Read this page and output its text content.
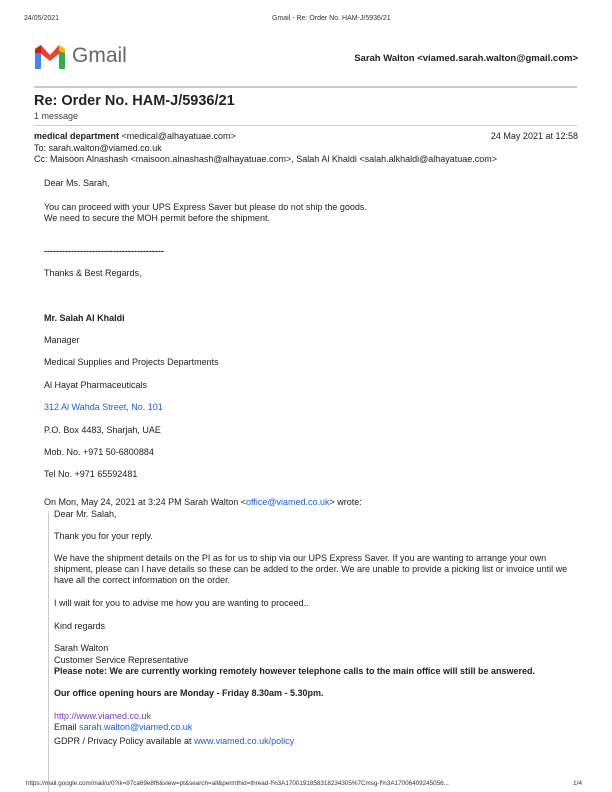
24/05/2021	Gmail - Re: Order No. HAM-J/5936/21
Gmail	Sarah Walton <viamed.sarah.walton@gmail.com>
Re: Order No. HAM-J/5936/21
1 message
medical department <medical@alhayatuae.com>	24 May 2021 at 12:58
To: sarah.walton@viamed.co.uk
Cc: Maisoon Alnashash <maisoon.alnashash@alhayatuae.com>, Salah Al Khaldi <salah.alkhaldi@alhayatuae.com>
Dear Ms. Sarah,
You can proceed with your UPS Express Saver but please do not ship the goods.
We need to secure the MOH permit before the shipment.
----------------------------------------
Thanks & Best Regards,
Mr. Salah Al Khaldi
Manager
Medical Supplies and Projects Departments
Al Hayat Pharmaceuticals
312 Al Wahda Street, No. 101
P.O. Box 4483, Sharjah, UAE
Mob. No. +971 50-6800884
Tel No. +971 65592481
On Mon, May 24, 2021 at 3:24 PM Sarah Walton <office@viamed.co.uk> wrote:
Dear Mr. Salah,
Thank you for your reply.
We have the shipment details on the PI as for us to ship via our UPS Express Saver. If you are wanting to arrange your own shipment, please can I have details so these can be added to the order. We are unable to provide a picking list or invoice until we have all the correct information on the order.
I will wait for you to advise me how you are wanting to proceed..
Kind regards
Sarah Walton
Customer Service Representative
Please note: We are currently working remotely however telephone calls to the main office will still be answered.
Our office opening hours are Monday - Friday 8.30am - 5.30pm.
http://www.viamed.co.uk
Email sarah.walton@viamed.co.uk
GDPR / Privacy Policy available at www.viamed.co.uk/policy
https://mail.google.com/mail/u/0?ik=97ca69e8f6&view=pt&search=all&permthid=thread-f%3A1700191858318234305%7Cmsg-f%3A17006409245056...	1/4
